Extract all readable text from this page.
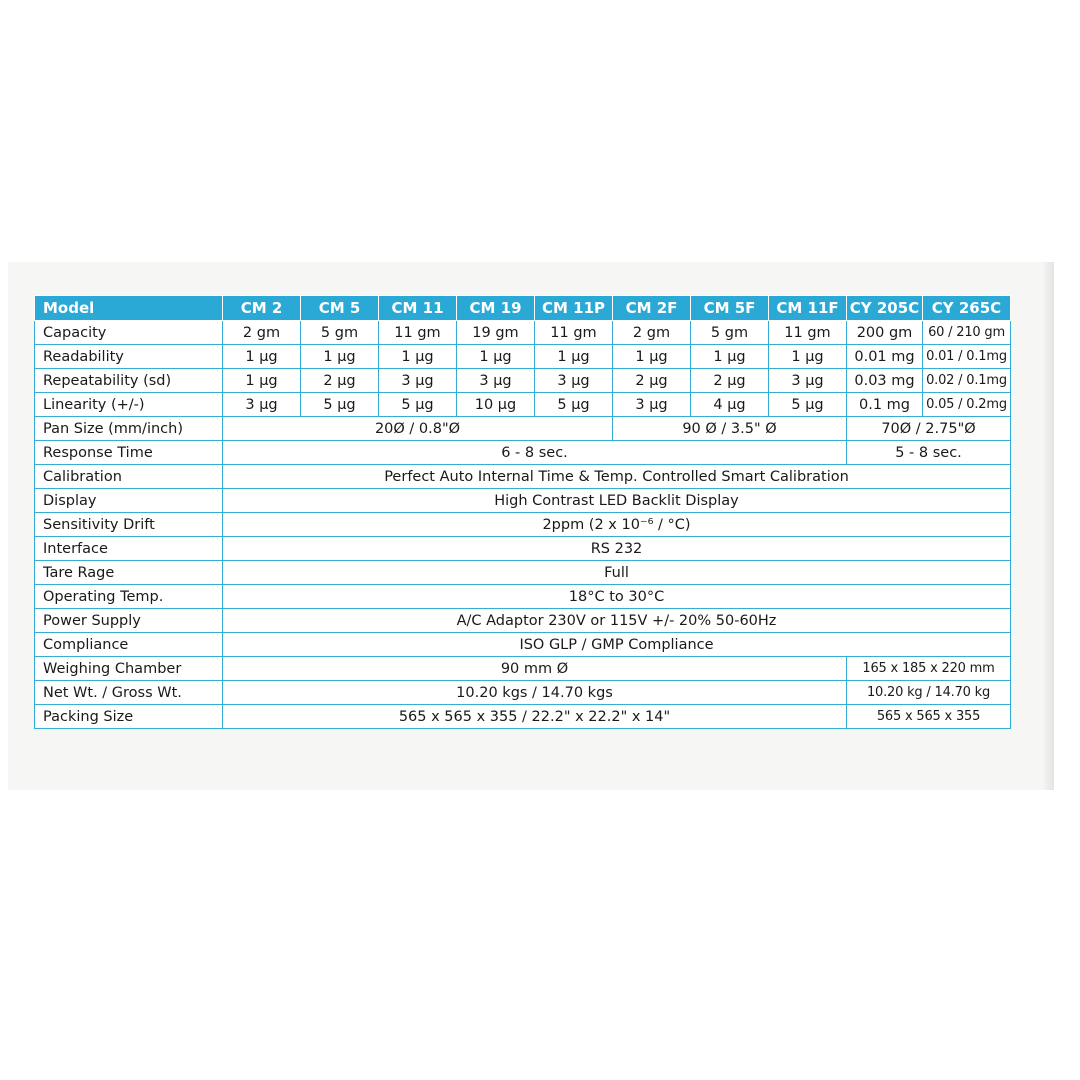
Model	CM 2	CM 5	CM 11	CM 19	CM 11P	CM 2F	CM 5F	CM 11F	CY 205C	CY 265C
Capacity	2 gm	5 gm	11 gm	19 gm	11 gm	2 gm	5 gm	11 gm	200 gm	60 / 210 gm
Readability	1 µg	1 µg	1 µg	1 µg	1 µg	1 µg	1 µg	1 µg	0.01 mg	0.01 / 0.1mg
Repeatability (sd)	1 µg	2 µg	3 µg	3 µg	3 µg	2 µg	2 µg	3 µg	0.03 mg	0.02 / 0.1mg
Linearity (+/-)	3 µg	5 µg	5 µg	10 µg	5 µg	3 µg	4 µg	5 µg	0.1 mg	0.05 / 0.2mg
Pan Size (mm/inch)	20Ø / 0.8"Ø					90 Ø / 3.5" Ø			70Ø / 2.75"Ø	
Response Time	6 - 8 sec.								5 - 8 sec.	
Calibration	Perfect Auto Internal Time & Temp. Controlled Smart Calibration									
Display	High Contrast LED Backlit Display									
Sensitivity Drift	2ppm (2 x 10⁻⁶ / °C)									
Interface	RS 232									
Tare Rage	Full									
Operating Temp.	18°C to 30°C									
Power Supply	A/C Adaptor 230V or 115V +/- 20% 50-60Hz									
Compliance	ISO GLP / GMP Compliance									
Weighing Chamber	90 mm Ø								165 x 185 x 220 mm	
Net Wt. / Gross Wt.	10.20 kgs / 14.70 kgs								10.20 kg / 14.70 kg	
Packing Size	565 x 565 x 355 / 22.2" x 22.2" x 14"								565 x 565 x 355	
